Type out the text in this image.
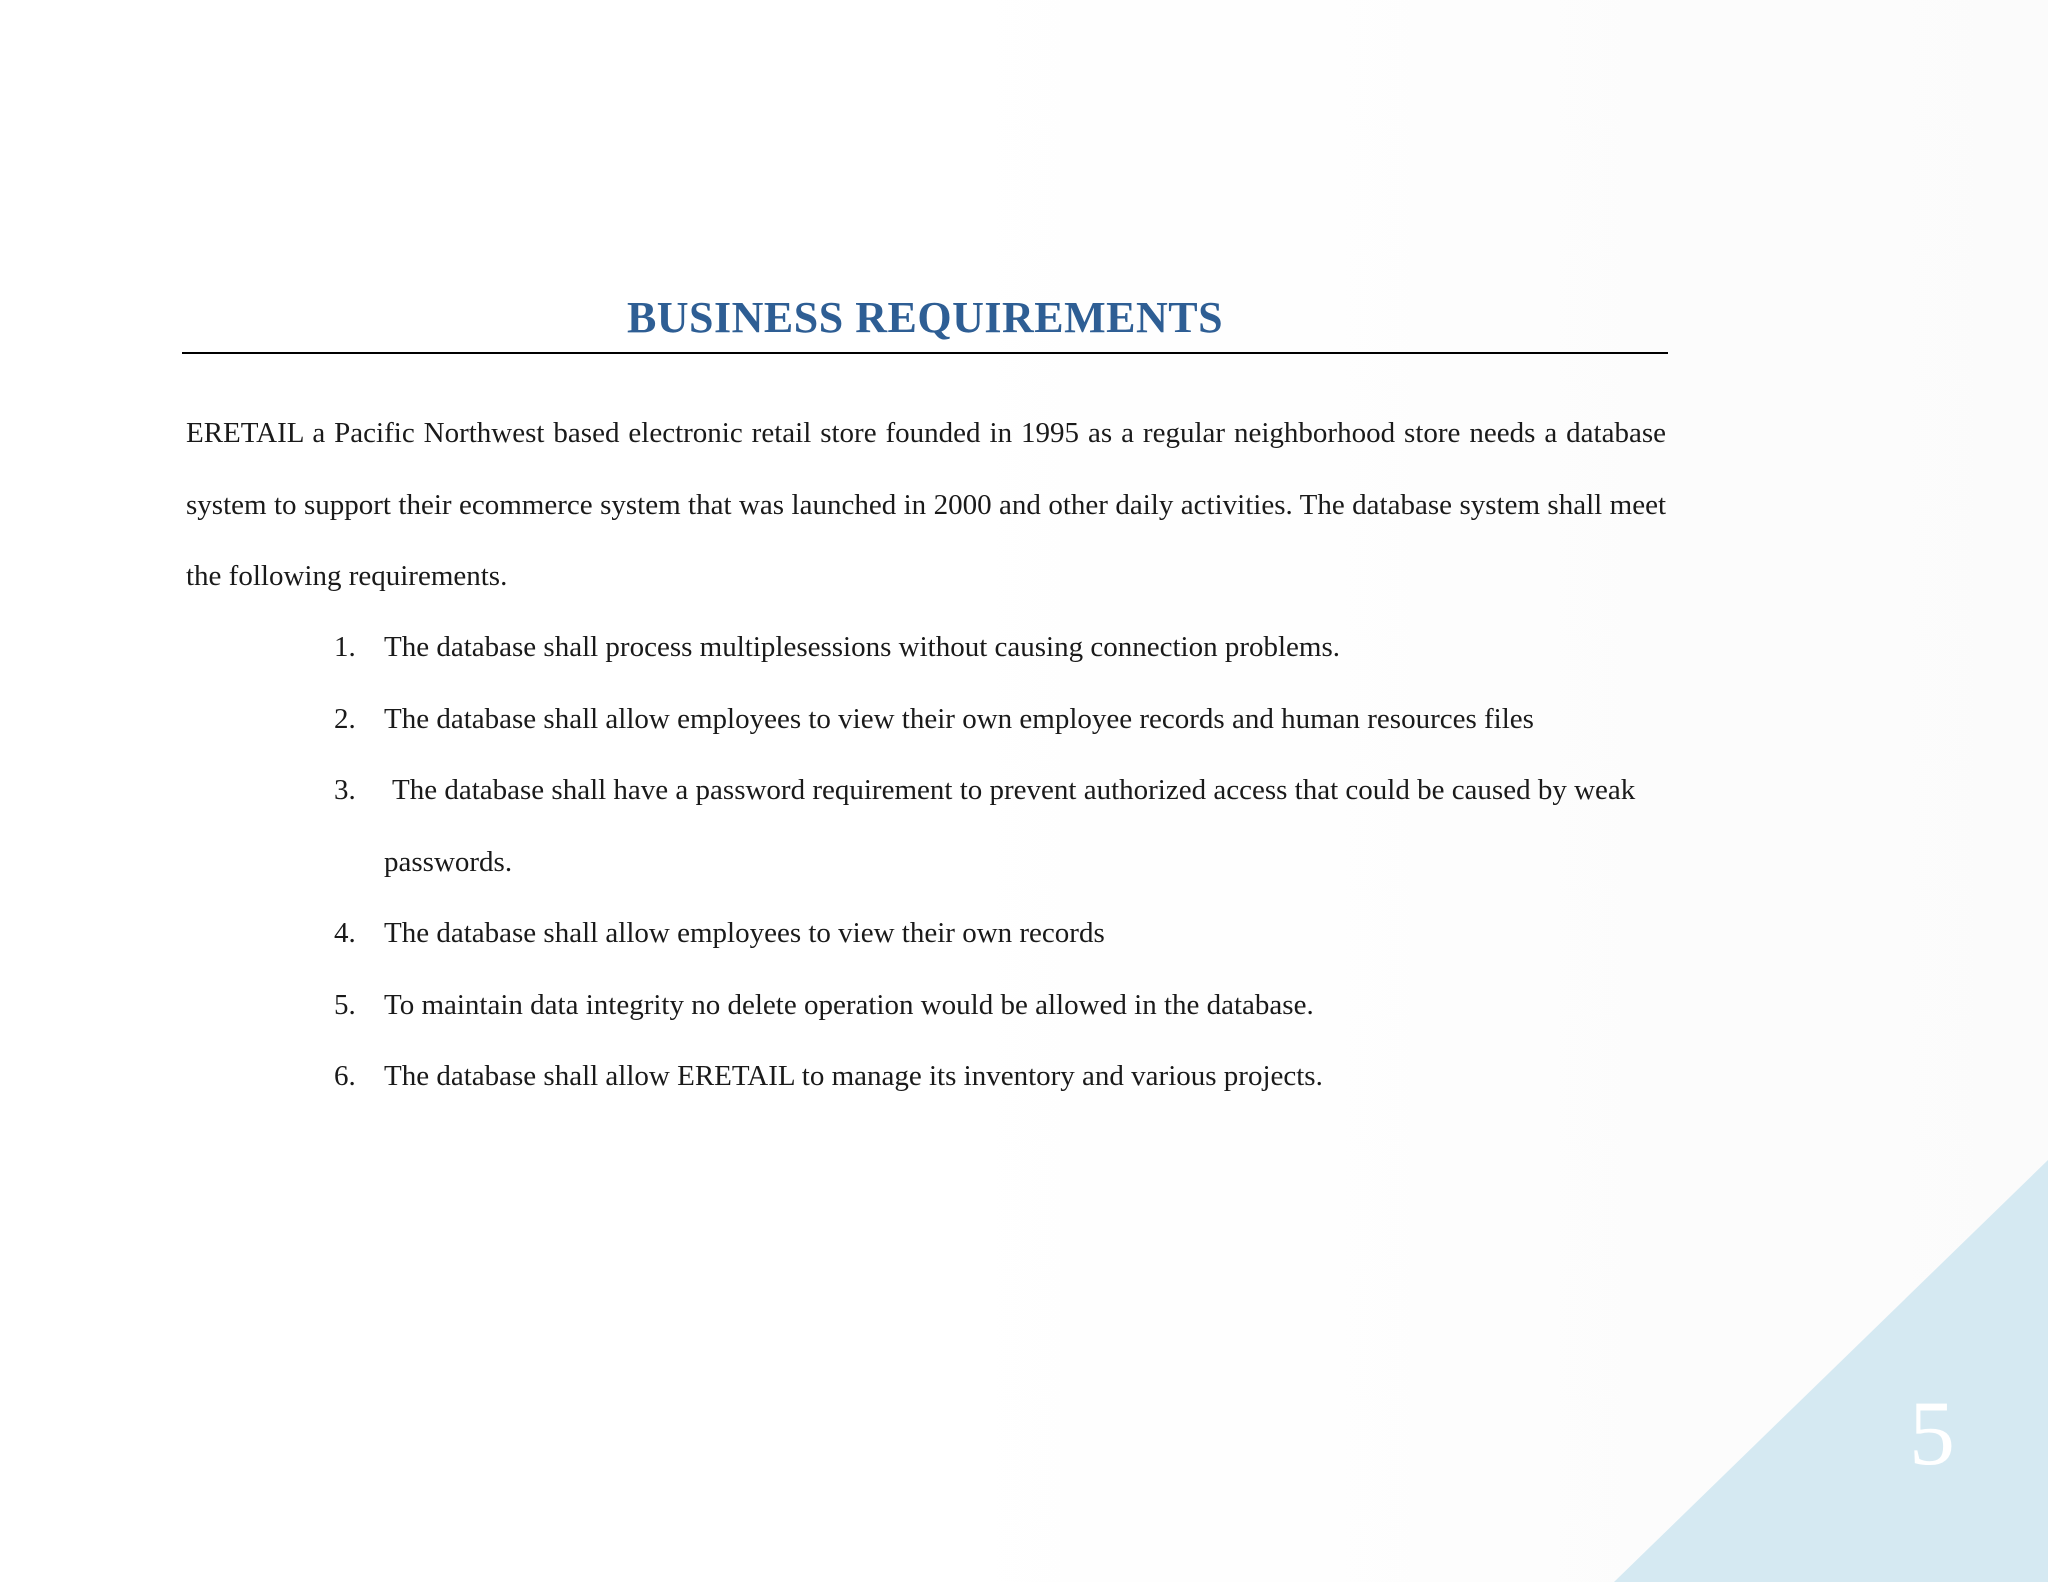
BUSINESS REQUIREMENTS

ERETAIL a Pacific Northwest based electronic retail store founded in 1995 as a regular neighborhood store needs a database system to support their ecommerce system that was launched in 2000 and other daily activities. The database system shall meet the following requirements.

1. The database shall process multiplesessions without causing connection problems.
2. The database shall allow employees to view their own employee records and human resources files
3. The database shall have a password requirement to prevent authorized access that could be caused by weak passwords.
4. The database shall allow employees to view their own records
5. To maintain data integrity no delete operation would be allowed in the database.
6. The database shall allow ERETAIL to manage its inventory and various projects.
5
